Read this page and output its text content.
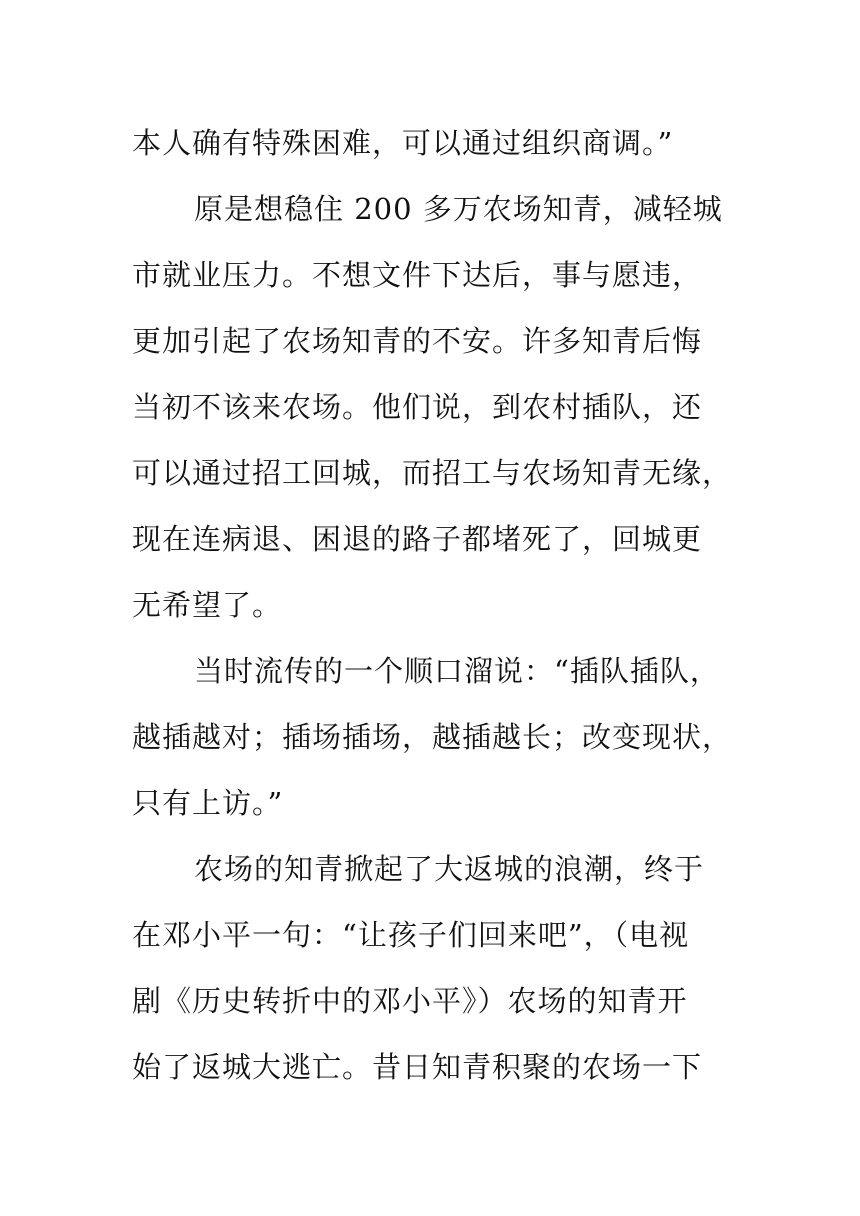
本人确有特殊困难，可以通过组织商调。”
原是想稳住 200 多万农场知青，减轻城
市就业压力。不想文件下达后，事与愿违，
更加引起了农场知青的不安。许多知青后悔
当初不该来农场。他们说，到农村插队，还
可以通过招工回城，而招工与农场知青无缘，
现在连病退、困退的路子都堵死了，回城更
无希望了。
当时流传的一个顺口溜说：“插队插队，
越插越对；插场插场，越插越长；改变现状，
只有上访。”
农场的知青掀起了大返城的浪潮，终于
在邓小平一句：“让孩子们回来吧”，（电视
剧《历史转折中的邓小平》）农场的知青开
始了返城大逃亡。昔日知青积聚的农场一下
